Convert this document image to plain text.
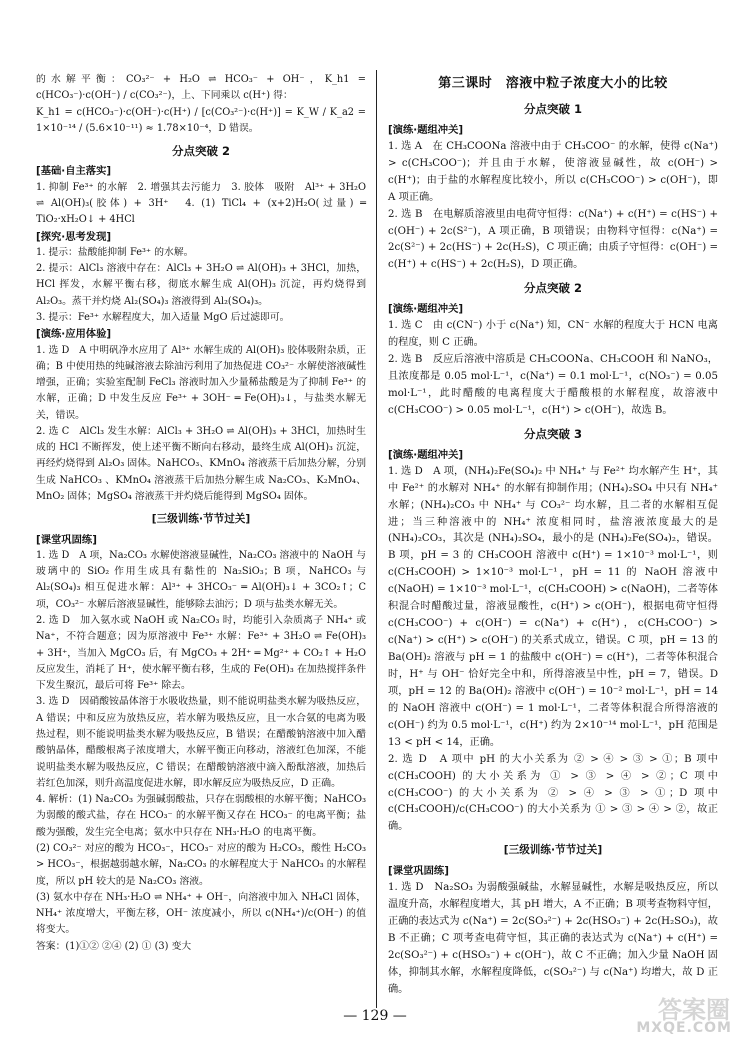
的水解平衡：CO₃²⁻ + H₂O ⇌ HCO₃⁻ + OH⁻，K_h1 = c(HCO₃⁻)·c(OH⁻) / c(CO₃²⁻)，上、下同乘以 c(H⁺) 得：

K_h1 = c(HCO₃⁻)·c(OH⁻)·c(H⁺) / [c(CO₃²⁻)·c(H⁺)] = K_W / K_a2 = 1×10⁻¹⁴ / (5.6×10⁻¹¹) ≈ 1.78×10⁻⁴，D 错误。

分点突破 2
[基础·自主落实]

1. 抑制 Fe³⁺ 的水解　2. 增强其去污能力　3. 胶体　吸附　Al³⁺ + 3H₂O ⇌ Al(OH)₃(胶体) + 3H⁺　4. (1) TiCl₄ + (x+2)H₂O(过量) ═ TiO₂·xH₂O↓ + 4HCl

[探究·思考发现]

1. 提示：盐酸能抑制 Fe³⁺ 的水解。

2. 提示：AlCl₃ 溶液中存在：AlCl₃ + 3H₂O ⇌ Al(OH)₃ + 3HCl，加热，HCl 挥发，水解平衡右移，彻底水解生成 Al(OH)₃ 沉淀，再灼烧得到 Al₂O₃。蒸干并灼烧 Al₂(SO₄)₃ 溶液得到 Al₂(SO₄)₃。

3. 提示：Fe³⁺ 水解程度大，加入适量 MgO 后过滤即可。

[演练·应用体验]

1. 选 D　A 中明矾净水应用了 Al³⁺ 水解生成的 Al(OH)₃ 胶体吸附杂质，正确；B 中使用热的纯碱溶液去除油污利用了加热促进 CO₃²⁻ 水解使溶液碱性增强，正确；实验室配制 FeCl₃ 溶液时加入少量稀盐酸是为了抑制 Fe³⁺ 的水解，正确；D 中发生反应 Fe³⁺ + 3OH⁻ ═ Fe(OH)₃↓，与盐类水解无关，错误。

2. 选 C　AlCl₃ 发生水解：AlCl₃ + 3H₂O ⇌ Al(OH)₃ + 3HCl，加热时生成的 HCl 不断挥发，使上述平衡不断向右移动，最终生成 Al(OH)₃ 沉淀，再经灼烧得到 Al₂O₃ 固体。NaHCO₃、KMnO₄ 溶液蒸干后加热分解，分别生成 NaHCO₃ 、KMnO₄ 溶液蒸干后加热分解生成 Na₂CO₃、K₂MnO₄、MnO₂ 固体；MgSO₄ 溶液蒸干并灼烧后能得到 MgSO₄ 固体。

[三级训练·节节过关]
[课堂巩固练]

1. 选 D　A 项，Na₂CO₃ 水解使溶液显碱性，Na₂CO₃ 溶液中的 NaOH 与玻璃中的 SiO₂ 作用生成具有黏性的 Na₂SiO₃；B 项，NaHCO₃ 与 Al₂(SO₄)₃ 相互促进水解：Al³⁺ + 3HCO₃⁻ ═ Al(OH)₃↓ + 3CO₂↑；C 项，CO₃²⁻ 水解后溶液显碱性，能够除去油污；D 项与盐类水解无关。

2. 选 D　加入氨水或 NaOH 或 Na₂CO₃ 时，均能引入杂质离子 NH₄⁺ 或 Na⁺，不符合题意；因为原溶液中 Fe³⁺ 水解：Fe³⁺ + 3H₂O ⇌ Fe(OH)₃ + 3H⁺，当加入 MgCO₃ 后，有 MgCO₃ + 2H⁺ ═ Mg²⁺ + CO₂↑ + H₂O 反应发生，消耗了 H⁺，使水解平衡右移，生成的 Fe(OH)₃ 在加热搅拌条件下发生聚沉，最后可将 Fe³⁺ 除去。

3. 选 D　因硝酸铵晶体溶于水吸收热量，则不能说明盐类水解为吸热反应，A 错误；中和反应为放热反应，若水解为吸热反应，且一水合氨的电离为吸热过程，则不能说明盐类水解为吸热反应，B 错误；在醋酸钠溶液中加入醋酸钠晶体，醋酸根离子浓度增大，水解平衡正向移动，溶液红色加深，不能说明盐类水解为吸热反应，C 错误；在醋酸钠溶液中滴入酚酞溶液，加热后若红色加深，则升高温度促进水解，即水解反应为吸热反应，D 正确。

4. 解析：(1) Na₂CO₃ 为强碱弱酸盐，只存在弱酸根的水解平衡；NaHCO₃ 为弱酸的酸式盐，存在 HCO₃⁻ 的水解平衡又存在 HCO₃⁻ 的电离平衡；盐酸为强酸，发生完全电离；氨水中只存在 NH₃·H₂O 的电离平衡。

(2) CO₃²⁻ 对应的酸为 HCO₃⁻，HCO₃⁻ 对应的酸为 H₂CO₃，酸性 H₂CO₃ > HCO₃⁻，根据越弱越水解，Na₂CO₃ 的水解程度大于 NaHCO₃ 的水解程度，所以 pH 较大的是 Na₂CO₃ 溶液。

(3) 氨水中存在 NH₃·H₂O ⇌ NH₄⁺ + OH⁻，向溶液中加入 NH₄Cl 固体，NH₄⁺ 浓度增大，平衡左移，OH⁻ 浓度减小，所以 c(NH₄⁺)/c(OH⁻) 的值将变大。

答案：(1)①② ②④ (2) ① (3) 变大

第三课时　溶液中粒子浓度大小的比较
分点突破 1
[演练·题组冲关]

1. 选 A　在 CH₃COONa 溶液中由于 CH₃COO⁻ 的水解，使得 c(Na⁺) > c(CH₃COO⁻)；并且由于水解，使溶液显碱性，故 c(OH⁻) > c(H⁺)；由于盐的水解程度比较小，所以 c(CH₃COO⁻) > c(OH⁻)，即 A 项正确。

2. 选 B　在电解质溶液里由电荷守恒得：c(Na⁺) + c(H⁺) = c(HS⁻) + c(OH⁻) + 2c(S²⁻)，A 项正确，B 项错误；由物料守恒得：c(Na⁺) = 2c(S²⁻) + 2c(HS⁻) + 2c(H₂S)，C 项正确；由质子守恒得：c(OH⁻) = c(H⁺) + c(HS⁻) + 2c(H₂S)，D 项正确。

分点突破 2
[演练·题组冲关]

1. 选 C　由 c(CN⁻) 小于 c(Na⁺) 知，CN⁻ 水解的程度大于 HCN 电离的程度，则 C 正确。

2. 选 B　反应后溶液中溶质是 CH₃COONa、CH₃COOH 和 NaNO₃，且浓度都是 0.05 mol·L⁻¹，c(Na⁺) = 0.1 mol·L⁻¹，c(NO₃⁻) = 0.05 mol·L⁻¹，此时醋酸的电离程度大于醋酸根的水解程度，故溶液中 c(CH₃COO⁻) > 0.05 mol·L⁻¹，c(H⁺) > c(OH⁻)，故选 B。

分点突破 3
[演练·题组冲关]

1. 选 D　A 项，(NH₄)₂Fe(SO₄)₂ 中 NH₄⁺ 与 Fe²⁺ 均水解产生 H⁺，其中 Fe²⁺ 的水解对 NH₄⁺ 的水解有抑制作用；(NH₄)₂SO₄ 中只有 NH₄⁺ 水解；(NH₄)₂CO₃ 中 NH₄⁺ 与 CO₃²⁻ 均水解，且二者的水解相互促进；当三种溶液中的 NH₄⁺ 浓度相同时，盐溶液浓度最大的是 (NH₄)₂CO₃，其次是 (NH₄)₂SO₄，最小的是 (NH₄)₂Fe(SO₄)₂，错误。B 项，pH = 3 的 CH₃COOH 溶液中 c(H⁺) = 1×10⁻³ mol·L⁻¹，则 c(CH₃COOH) > 1×10⁻³ mol·L⁻¹，pH = 11 的 NaOH 溶液中 c(NaOH) = 1×10⁻³ mol·L⁻¹，c(CH₃COOH) > c(NaOH)，二者等体积混合时醋酸过量，溶液显酸性，c(H⁺) > c(OH⁻)，根据电荷守恒得 c(CH₃COO⁻) + c(OH⁻) = c(Na⁺) + c(H⁺)，c(CH₃COO⁻) > c(Na⁺) > c(H⁺) > c(OH⁻) 的关系式成立，错误。C 项，pH = 13 的 Ba(OH)₂ 溶液与 pH = 1 的盐酸中 c(OH⁻) = c(H⁺)，二者等体积混合时，H⁺ 与 OH⁻ 恰好完全中和，所得溶液呈中性，pH = 7，错误。D 项，pH = 12 的 Ba(OH)₂ 溶液中 c(OH⁻) = 10⁻² mol·L⁻¹，pH = 14 的 NaOH 溶液中 c(OH⁻) = 1 mol·L⁻¹，二者等体积混合所得溶液的 c(OH⁻) 约为 0.5 mol·L⁻¹，c(H⁺) 约为 2×10⁻¹⁴ mol·L⁻¹，pH 范围是 13 < pH < 14，正确。

2. 选 D　A 项中 pH 的大小关系为 ② > ④ > ③ > ①；B 项中 c(CH₃COOH) 的大小关系为 ① > ③ > ④ > ②；C 项中 c(CH₃COO⁻) 的大小关系为 ② > ④ > ③ > ①；D 项中 c(CH₃COOH)/c(CH₃COO⁻) 的大小关系为 ① > ③ > ④ > ②，故正确。

[三级训练·节节过关]
[课堂巩固练]

1. 选 D　Na₂SO₃ 为弱酸强碱盐，水解显碱性，水解是吸热反应，所以温度升高，水解程度增大，其 pH 增大，A 不正确；B 项考查物料守恒，正确的表达式为 c(Na⁺) = 2c(SO₃²⁻) + 2c(HSO₃⁻) + 2c(H₂SO₃)，故 B 不正确；C 项考查电荷守恒，其正确的表达式为 c(Na⁺) + c(H⁺) = 2c(SO₃²⁻) + c(HSO₃⁻) + c(OH⁻)，故 C 不正确；加入少量 NaOH 固体，抑制其水解，水解程度降低，c(SO₃²⁻) 与 c(Na⁺) 均增大，故 D 正确。

— 129 —	答案圈
MXQE.COM
